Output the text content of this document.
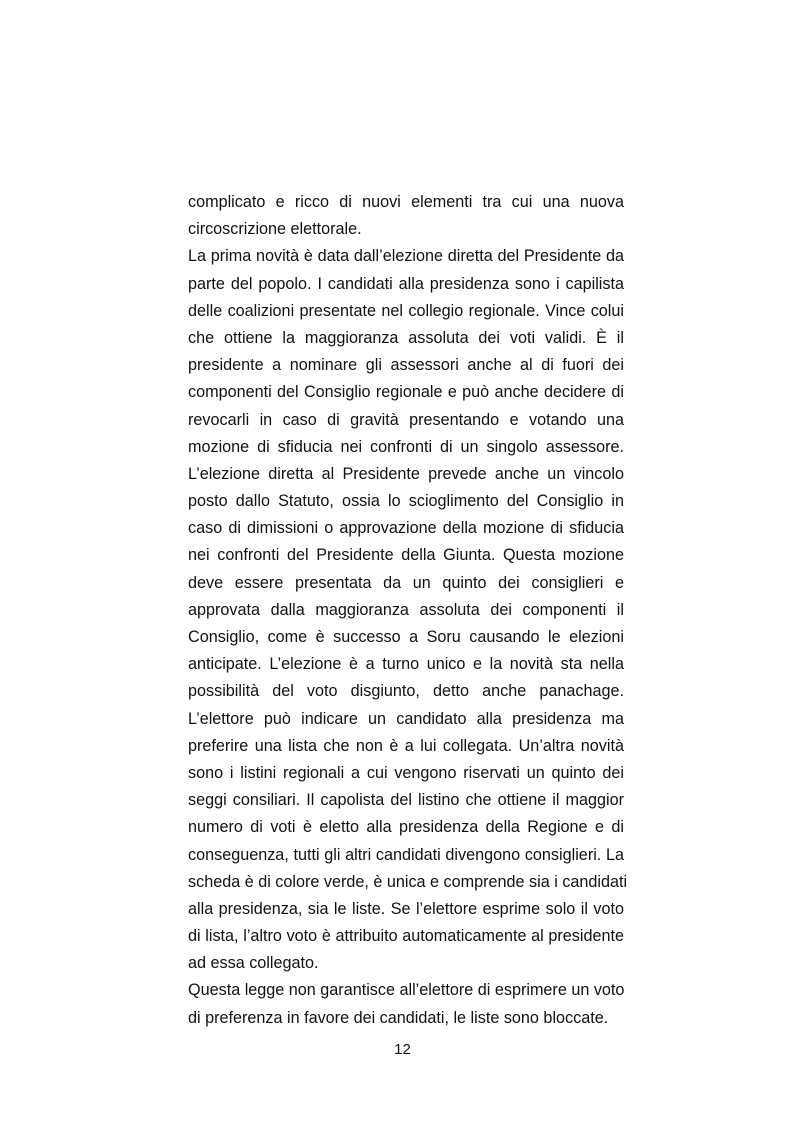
complicato e ricco di nuovi elementi tra cui una nuova
circoscrizione elettorale.

La prima novità è data dall’elezione diretta del Presidente da
parte del popolo. I candidati alla presidenza sono i capilista
delle coalizioni presentate nel collegio regionale. Vince colui
che ottiene la maggioranza assoluta dei voti validi. È il
presidente a nominare gli assessori anche al di fuori dei
componenti del Consiglio regionale e può anche decidere di
revocarli in caso di gravità presentando e votando una
mozione di sfiducia nei confronti di un singolo assessore.
L’elezione diretta al Presidente prevede anche un vincolo
posto dallo Statuto, ossia lo scioglimento del Consiglio in
caso di dimissioni o approvazione della mozione di sfiducia
nei confronti del Presidente della Giunta. Questa mozione
deve essere presentata da un quinto dei consiglieri e
approvata dalla maggioranza assoluta dei componenti il
Consiglio, come è successo a Soru causando le elezioni
anticipate. L’elezione è a turno unico e la novità sta nella
possibilità del voto disgiunto, detto anche panachage.
L’elettore può indicare un candidato alla presidenza ma
preferire una lista che non è a lui collegata. Un’altra novità
sono i listini regionali a cui vengono riservati un quinto dei
seggi consiliari. Il capolista del listino che ottiene il maggior
numero di voti è eletto alla presidenza della Regione e di
conseguenza, tutti gli altri candidati divengono consiglieri. La
scheda è di colore verde, è unica e comprende sia i candidati
alla presidenza, sia le liste. Se l’elettore esprime solo il voto
di lista, l’altro voto è attribuito automaticamente al presidente
ad essa collegato.

Questa legge non garantisce all’elettore di esprimere un voto
di preferenza in favore dei candidati, le liste sono bloccate.

12
